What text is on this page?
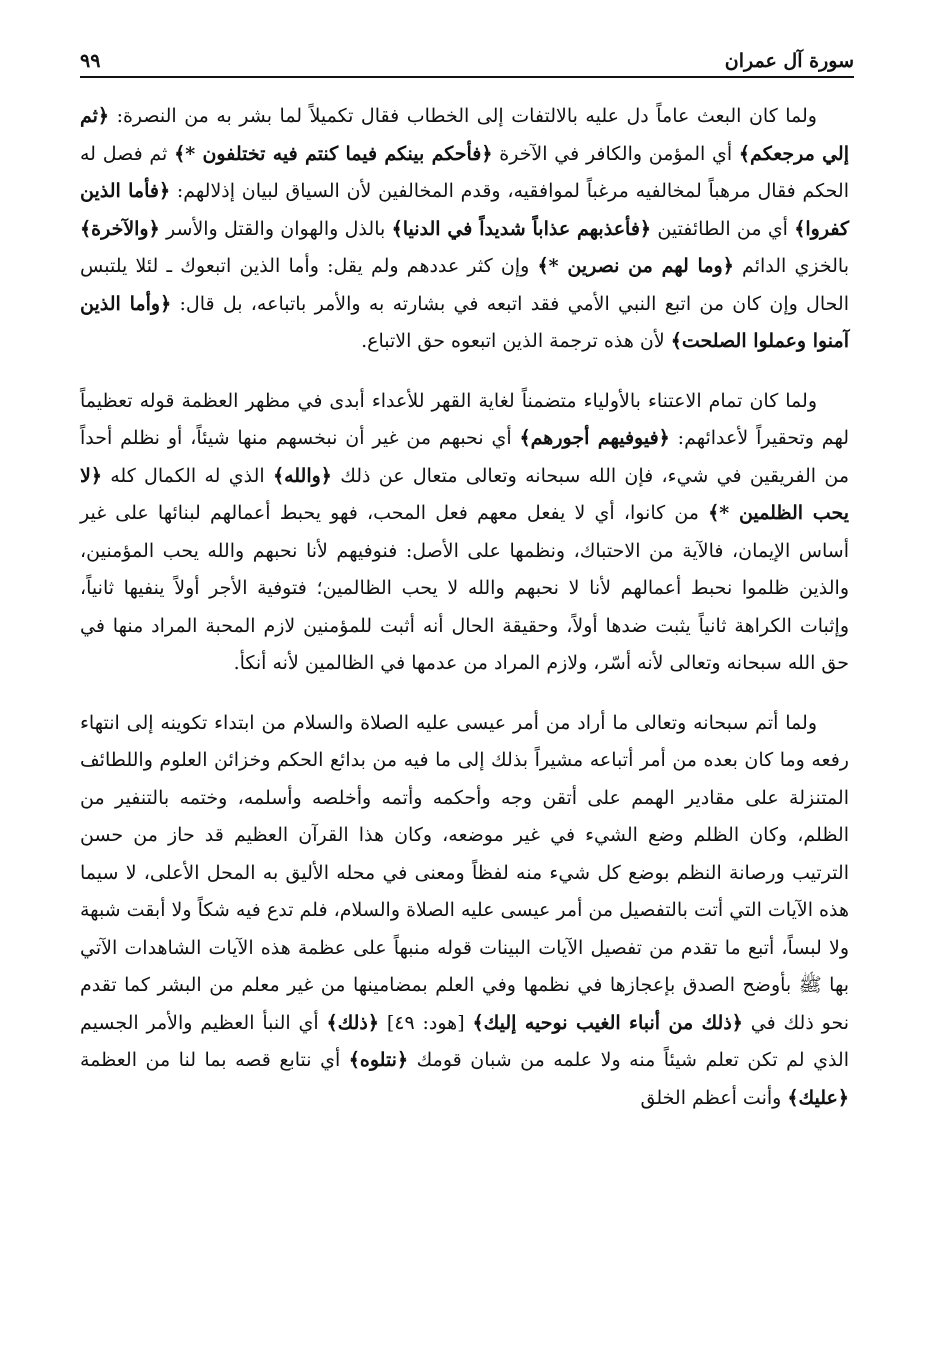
سورة آل عمران
٩٩

ولما كان البعث عاماً دل عليه بالالتفات إلى الخطاب فقال تكميلاً لما بشر به من النصرة: ﴿ثم إلي مرجعكم﴾ أي المؤمن والكافر في الآخرة ﴿فأحكم بينكم فيما كنتم فيه تختلفون *﴾ ثم فصل له الحكم فقال مرهباً لمخالفيه مرغباً لموافقيه، وقدم المخالفين لأن السياق لبيان إذلالهم: ﴿فأما الذين كفروا﴾ أي من الطائفتين ﴿فأعذبهم عذاباً شديداً في الدنيا﴾ بالذل والهوان والقتل والأسر ﴿والآخرة﴾ بالخزي الدائم ﴿وما لهم من نصرين *﴾ وإن كثر عددهم ولم يقل: وأما الذين اتبعوك ـ لئلا يلتبس الحال وإن كان من اتبع النبي الأمي فقد اتبعه في بشارته به والأمر باتباعه، بل قال: ﴿وأما الذين آمنوا وعملوا الصلحت﴾ لأن هذه ترجمة الذين اتبعوه حق الاتباع.

ولما كان تمام الاعتناء بالأولياء متضمناً لغاية القهر للأعداء أبدى في مظهر العظمة قوله تعظيماً لهم وتحقيراً لأعدائهم: ﴿فيوفيهم أجورهم﴾ أي نحبهم من غير أن نبخسهم منها شيئاً، أو نظلم أحداً من الفريقين في شيء، فإن الله سبحانه وتعالى متعال عن ذلك ﴿والله﴾ الذي له الكمال كله ﴿لا يحب الظلمين *﴾ من كانوا، أي لا يفعل معهم فعل المحب، فهو يحبط أعمالهم لبنائها على غير أساس الإيمان، فالآية من الاحتباك، ونظمها على الأصل: فنوفيهم لأنا نحبهم والله يحب المؤمنين، والذين ظلموا نحبط أعمالهم لأنا لا نحبهم والله لا يحب الظالمين؛ فتوفية الأجر أولاً ينفيها ثانياً، وإثبات الكراهة ثانياً يثبت ضدها أولاً، وحقيقة الحال أنه أثبت للمؤمنين لازم المحبة المراد منها في حق الله سبحانه وتعالى لأنه أسّر، ولازم المراد من عدمها في الظالمين لأنه أنكأ.

ولما أتم سبحانه وتعالى ما أراد من أمر عيسى عليه الصلاة والسلام من ابتداء تكوينه إلى انتهاء رفعه وما كان بعده من أمر أتباعه مشيراً بذلك إلى ما فيه من بدائع الحكم وخزائن العلوم واللطائف المتنزلة على مقادير الهمم على أتقن وجه وأحكمه وأتمه وأخلصه وأسلمه، وختمه بالتنفير من الظلم، وكان الظلم وضع الشيء في غير موضعه، وكان هذا القرآن العظيم قد حاز من حسن الترتيب ورصانة النظم بوضع كل شيء منه لفظاً ومعنى في محله الأليق به المحل الأعلى، لا سيما هذه الآيات التي أتت بالتفصيل من أمر عيسى عليه الصلاة والسلام، فلم تدع فيه شكاً ولا أبقت شبهة ولا لبساً، أتبع ما تقدم من تفصيل الآيات البينات قوله منبهاً على عظمة هذه الآيات الشاهدات الآتي بها ﷺ بأوضح الصدق بإعجازها في نظمها وفي العلم بمضامينها من غير معلم من البشر كما تقدم نحو ذلك في ﴿ذلك من أنباء الغيب نوحيه إليك﴾ [هود: ٤٩] ﴿ذلك﴾ أي النبأ العظيم والأمر الجسيم الذي لم تكن تعلم شيئاً منه ولا علمه من شبان قومك ﴿نتلوه﴾ أي نتابع قصه بما لنا من العظمة ﴿عليك﴾ وأنت أعظم الخلق
